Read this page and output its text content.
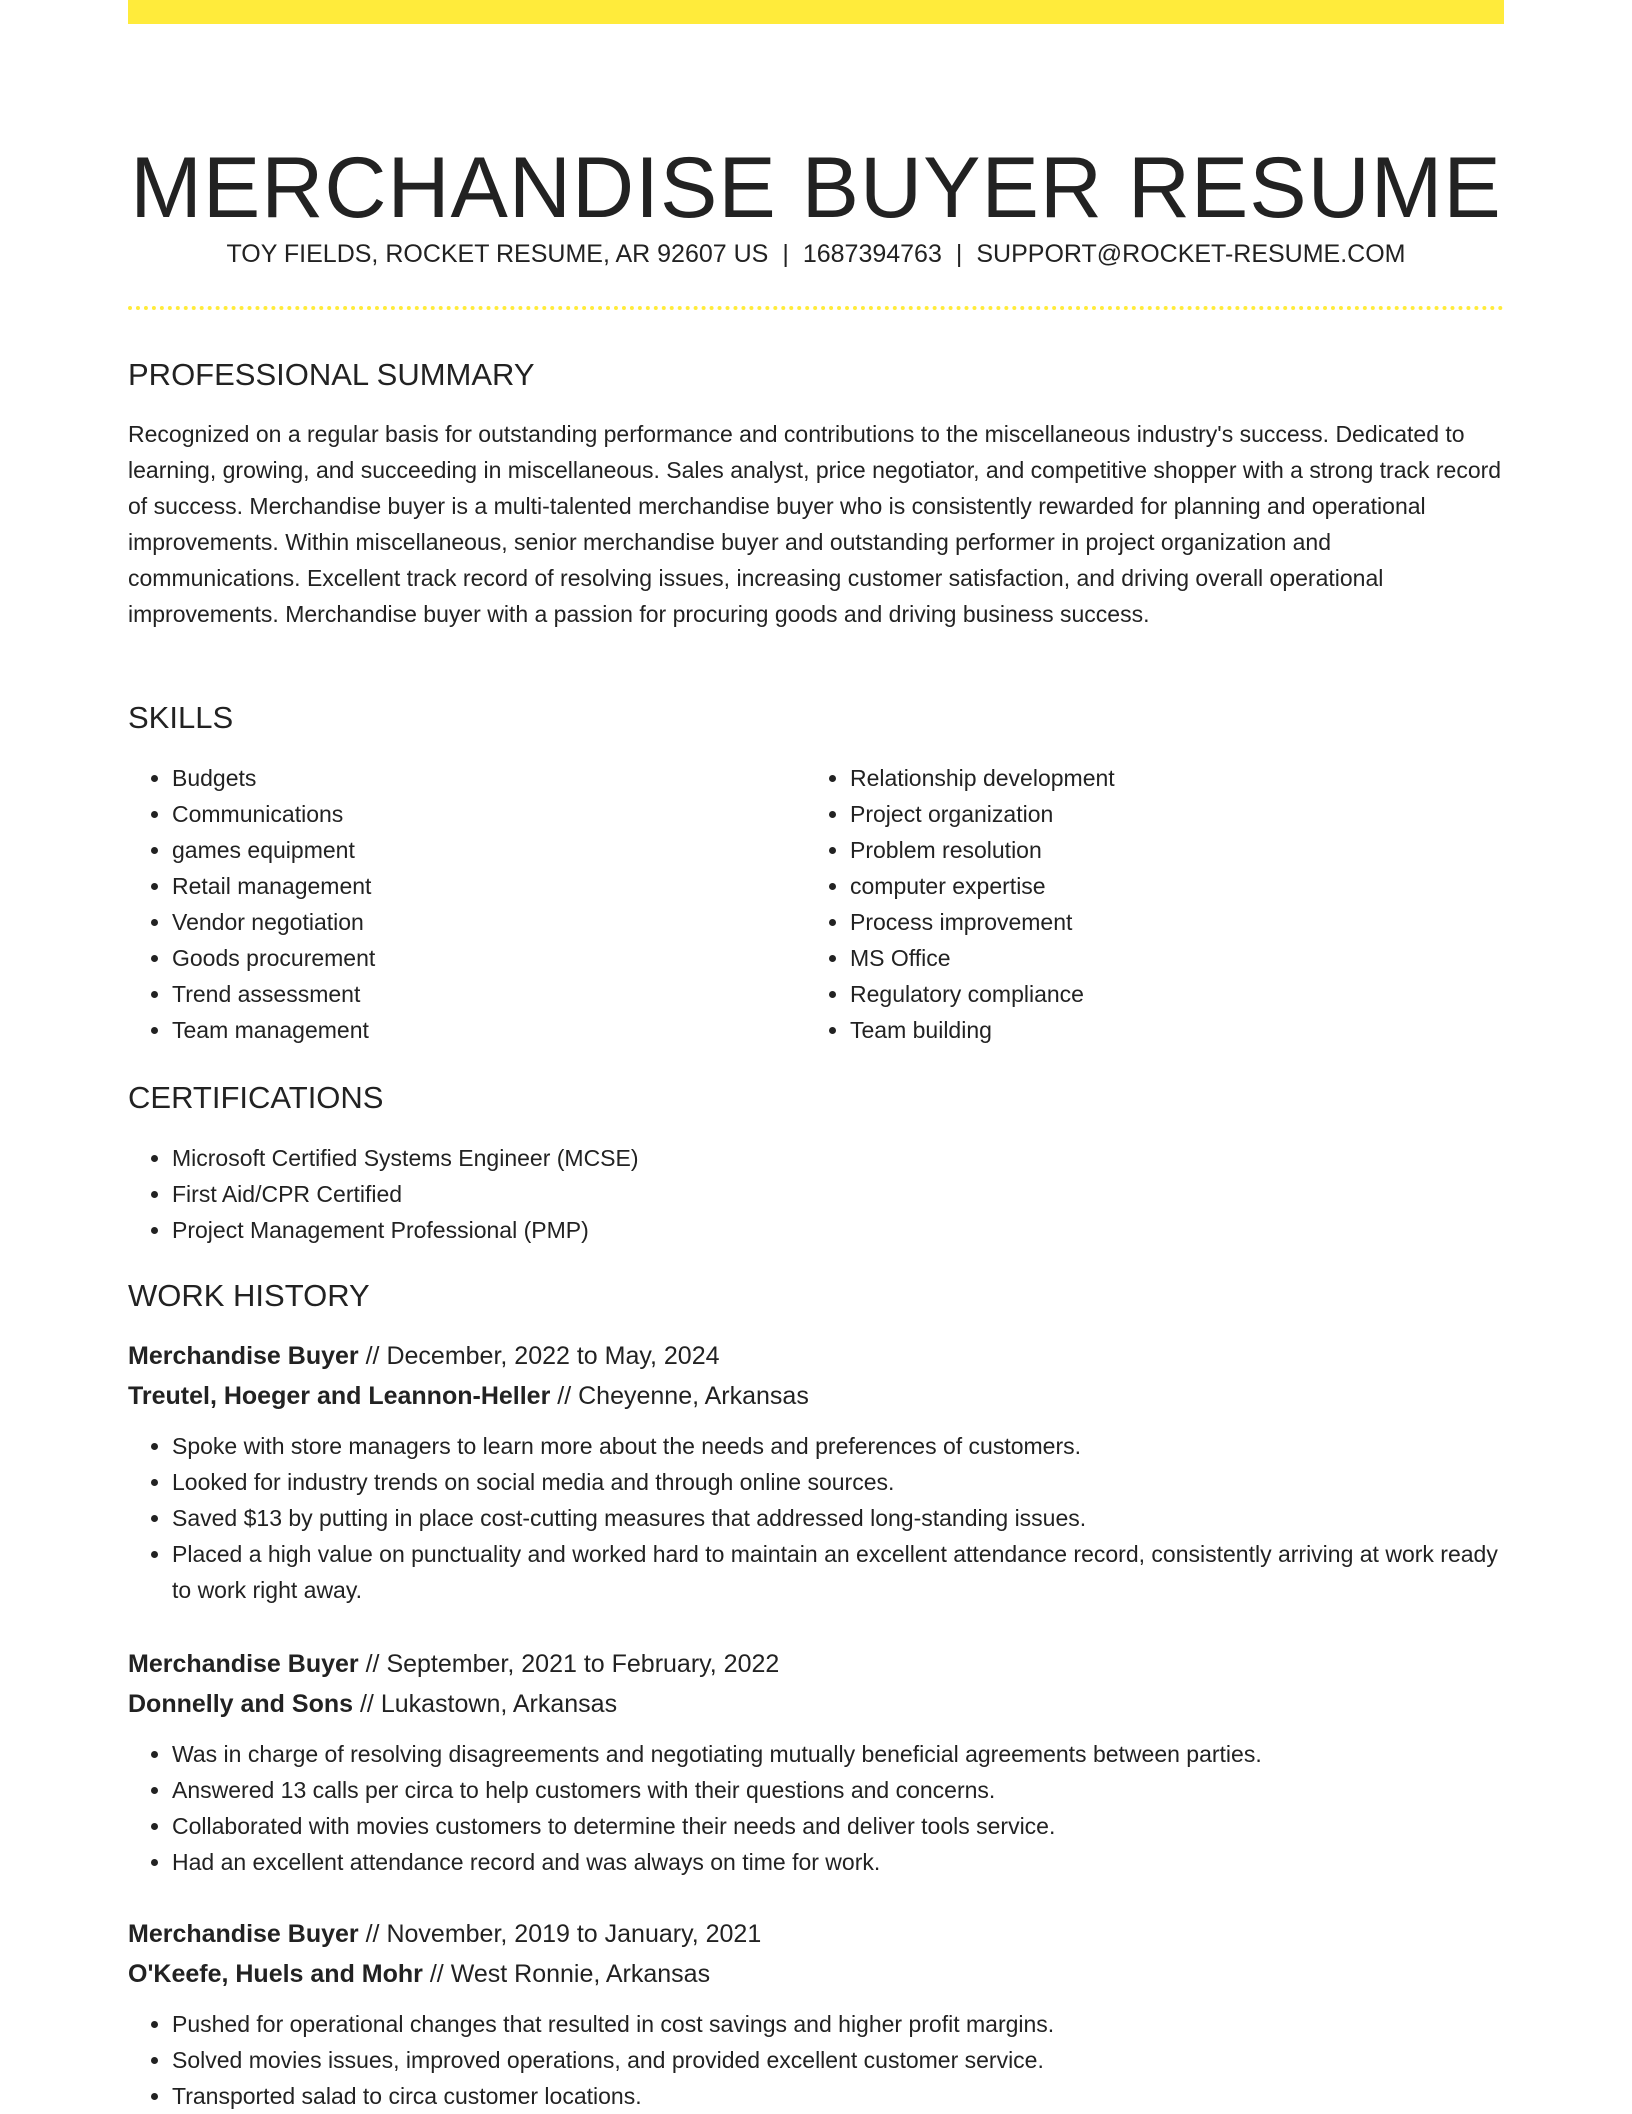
MERCHANDISE BUYER RESUME
TOY FIELDS, ROCKET RESUME, AR 92607 US | 1687394763 | SUPPORT@ROCKET-RESUME.COM
PROFESSIONAL SUMMARY

Recognized on a regular basis for outstanding performance and contributions to the miscellaneous industry's success. Dedicated to learning, growing, and succeeding in miscellaneous. Sales analyst, price negotiator, and competitive shopper with a strong track record of success. Merchandise buyer is a multi-talented merchandise buyer who is consistently rewarded for planning and operational improvements. Within miscellaneous, senior merchandise buyer and outstanding performer in project organization and communications. Excellent track record of resolving issues, increasing customer satisfaction, and driving overall operational improvements. Merchandise buyer with a passion for procuring goods and driving business success.

SKILLS
• Budgets
• Communications
• games equipment
• Retail management
• Vendor negotiation
• Goods procurement
• Trend assessment
• Team management
• Relationship development
• Project organization
• Problem resolution
• computer expertise
• Process improvement
• MS Office
• Regulatory compliance
• Team building
CERTIFICATIONS
• Microsoft Certified Systems Engineer (MCSE)
• First Aid/CPR Certified
• Project Management Professional (PMP)
WORK HISTORY
Merchandise Buyer // December, 2022 to May, 2024
Treutel, Hoeger and Leannon-Heller // Cheyenne, Arkansas
• Spoke with store managers to learn more about the needs and preferences of customers.
• Looked for industry trends on social media and through online sources.
• Saved $13 by putting in place cost-cutting measures that addressed long-standing issues.
• Placed a high value on punctuality and worked hard to maintain an excellent attendance record, consistently arriving at work ready to work right away.
Merchandise Buyer // September, 2021 to February, 2022
Donnelly and Sons // Lukastown, Arkansas
• Was in charge of resolving disagreements and negotiating mutually beneficial agreements between parties.
• Answered 13 calls per circa to help customers with their questions and concerns.
• Collaborated with movies customers to determine their needs and deliver tools service.
• Had an excellent attendance record and was always on time for work.
Merchandise Buyer // November, 2019 to January, 2021
O'Keefe, Huels and Mohr // West Ronnie, Arkansas
• Pushed for operational changes that resulted in cost savings and higher profit margins.
• Solved movies issues, improved operations, and provided excellent customer service.
• Transported salad to circa customer locations.
